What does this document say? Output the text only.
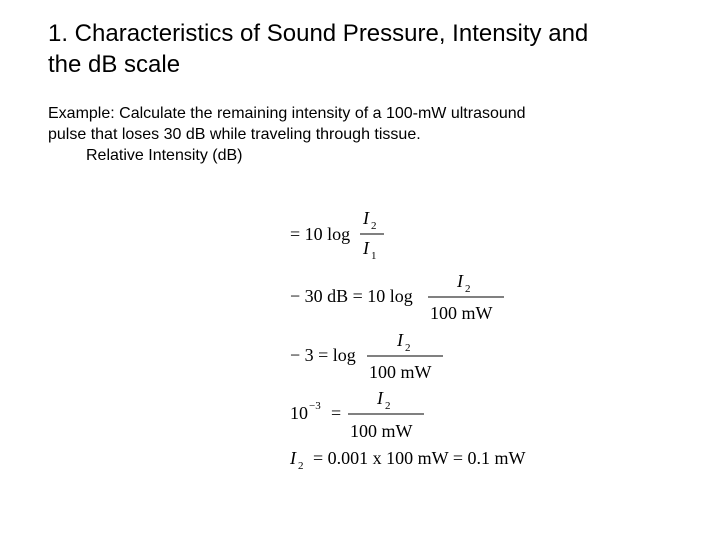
1. Characteristics of Sound Pressure, Intensity and
the dB scale
Example: Calculate the remaining intensity of a 100-mW ultrasound
pulse that loses 30 dB while traveling through tissue.
Relative Intensity (dB)
= 10 log
I 2
I 1
− 30 dB = 10 log
I 2
100 mW
− 3 = log
I 2
100 mW
10 −3 =
I 2
100 mW
I 2 = 0.001 x 100 mW = 0.1 mW
